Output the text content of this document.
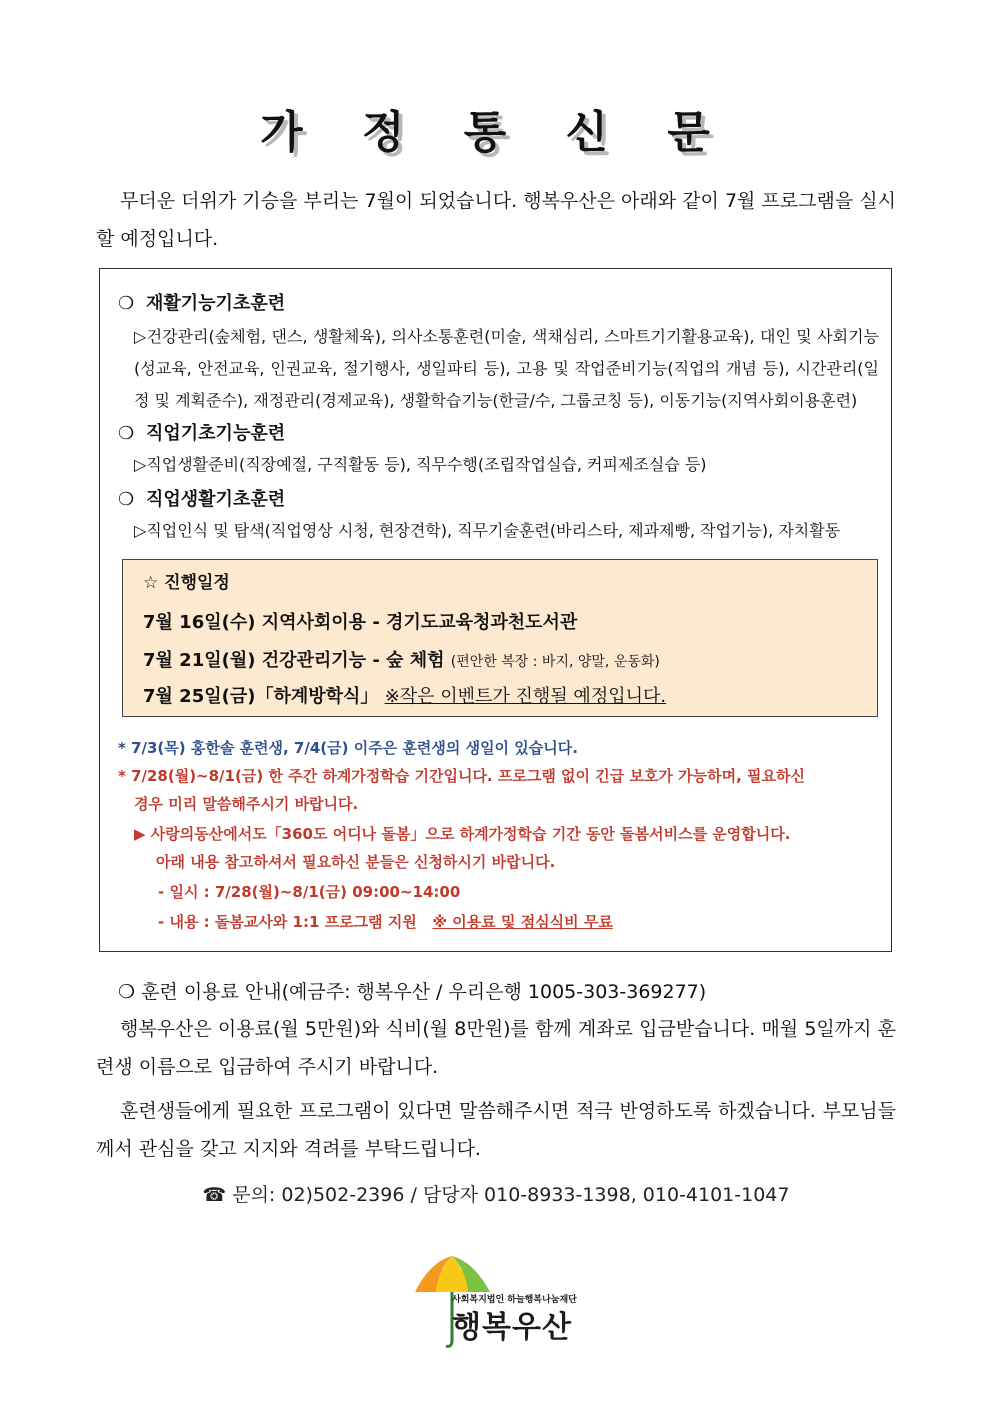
가 정 통 신 문
무더운 더위가 기승을 부리는 7월이 되었습니다. 행복우산은 아래와 같이 7월 프로그램을 실시 할 예정입니다.
❍ 재활기능기초훈련
▷건강관리(숲체험, 댄스, 생활체육), 의사소통훈련(미술, 색채심리, 스마트기기활용교육), 대인 및 사회기능(성교육, 안전교육, 인권교육, 절기행사, 생일파티 등), 고용 및 작업준비기능(직업의 개념 등), 시간관리(일정 및 계획준수), 재정관리(경제교육), 생활학습기능(한글/수, 그룹코칭 등), 이동기능(지역사회이용훈련)
❍ 직업기초기능훈련
▷직업생활준비(직장예절, 구직활동 등), 직무수행(조립작업실습, 커피제조실습 등)
❍ 직업생활기초훈련
▷직업인식 및 탐색(직업영상 시청, 현장견학), 직무기술훈련(바리스타, 제과제빵, 작업기능), 자치활동
☆ 진행일정
7월 16일(수) 지역사회이용 - 경기도교육청과천도서관
7월 21일(월) 건강관리기능 - 숲 체험 (편안한 복장 : 바지, 양말, 운동화)
7월 25일(금)「하계방학식」 ※작은 이벤트가 진행될 예정입니다.
* 7/3(목) 홍한솔 훈련생, 7/4(금) 이주은 훈련생의 생일이 있습니다.
* 7/28(월)~8/1(금) 한 주간 하계가정학습 기간입니다. 프로그램 없이 긴급 보호가 가능하며, 필요하신
경우 미리 말씀해주시기 바랍니다.
▶ 사랑의동산에서도「360도 어디나 돌봄」으로 하계가정학습 기간 동안 돌봄서비스를 운영합니다.
아래 내용 참고하셔서 필요하신 분들은 신청하시기 바랍니다.
- 일시 : 7/28(월)~8/1(금) 09:00~14:00
- 내용 : 돌봄교사와 1:1 프로그램 지원 ※ 이용료 및 점심식비 무료
❍ 훈련 이용료 안내(예금주: 행복우산 / 우리은행 1005-303-369277)
행복우산은 이용료(월 5만원)와 식비(월 8만원)를 함께 계좌로 입금받습니다. 매월 5일까지 훈련생 이름으로 입금하여 주시기 바랍니다.
훈련생들에게 필요한 프로그램이 있다면 말씀해주시면 적극 반영하도록 하겠습니다. 부모님들께서 관심을 갖고 지지와 격려를 부탁드립니다.
☎ 문의: 02)502-2396 / 담당자 010-8933-1398, 010-4101-1047
사회복지법인 하늘행복나눔재단
행복우산
